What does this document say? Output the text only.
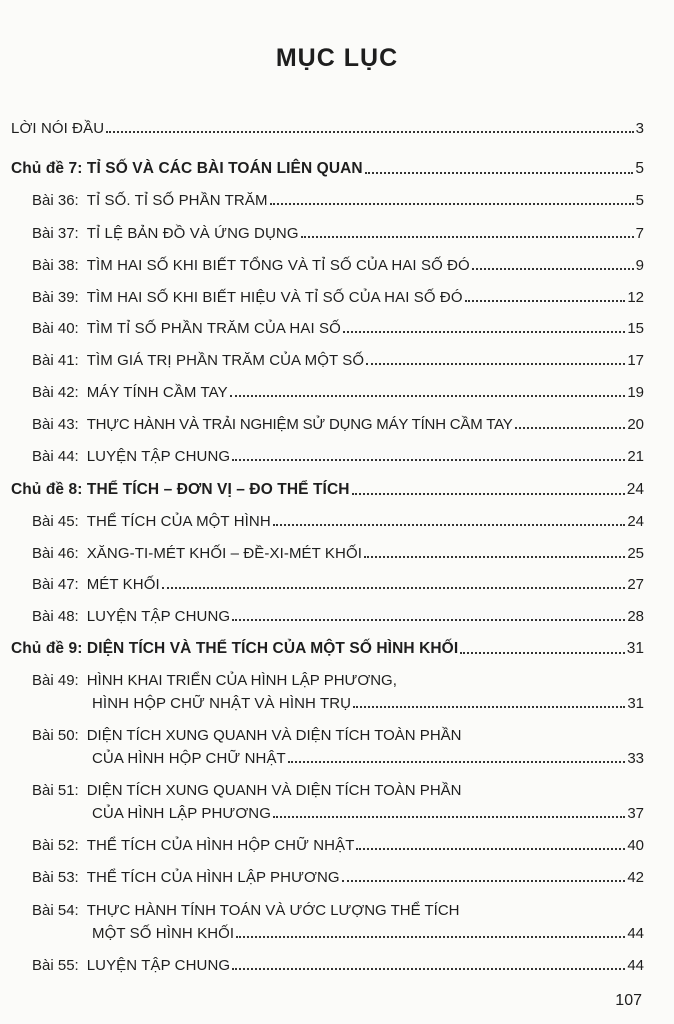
MỤC LỤC
LỜI NÓI ĐẦU	3
Chủ đề 7: TỈ SỐ VÀ CÁC BÀI TOÁN LIÊN QUAN	5
Bài 36: TỈ SỐ. TỈ SỐ PHẦN TRĂM	5
Bài 37: TỈ LỆ BẢN ĐỒ VÀ ỨNG DỤNG	7
Bài 38: TÌM HAI SỐ KHI BIẾT TỔNG VÀ TỈ SỐ CỦA HAI SỐ ĐÓ	9
Bài 39: TÌM HAI SỐ KHI BIẾT HIỆU VÀ TỈ SỐ CỦA HAI SỐ ĐÓ	12
Bài 40: TÌM TỈ SỐ PHẦN TRĂM CỦA HAI SỐ	15
Bài 41: TÌM GIÁ TRỊ PHẦN TRĂM CỦA MỘT SỐ	17
Bài 42: MÁY TÍNH CẦM TAY	19
Bài 43: THỰC HÀNH VÀ TRẢI NGHIỆM SỬ DỤNG MÁY TÍNH CẦM TAY	20
Bài 44: LUYỆN TẬP CHUNG	21
Chủ đề 8: THỂ TÍCH – ĐƠN VỊ – ĐO THỂ TÍCH	24
Bài 45: THỂ TÍCH CỦA MỘT HÌNH	24
Bài 46: XĂNG-TI-MÉT KHỐI – ĐỀ-XI-MÉT KHỐI	25
Bài 47: MÉT KHỐI	27
Bài 48: LUYỆN TẬP CHUNG	28
Chủ đề 9: DIỆN TÍCH VÀ THỂ TÍCH CỦA MỘT SỐ HÌNH KHỐI	31
Bài 49: HÌNH KHAI TRIỂN CỦA HÌNH LẬP PHƯƠNG,
HÌNH HỘP CHỮ NHẬT VÀ HÌNH TRỤ	31
Bài 50: DIỆN TÍCH XUNG QUANH VÀ DIỆN TÍCH TOÀN PHẦN
CỦA HÌNH HỘP CHỮ NHẬT	33
Bài 51: DIỆN TÍCH XUNG QUANH VÀ DIỆN TÍCH TOÀN PHẦN
CỦA HÌNH LẬP PHƯƠNG	37
Bài 52: THỂ TÍCH CỦA HÌNH HỘP CHỮ NHẬT	40
Bài 53: THỂ TÍCH CỦA HÌNH LẬP PHƯƠNG	42
Bài 54: THỰC HÀNH TÍNH TOÁN VÀ ƯỚC LƯỢNG THỂ TÍCH
MỘT SỐ HÌNH KHỐI	44
Bài 55: LUYỆN TẬP CHUNG	44
107
